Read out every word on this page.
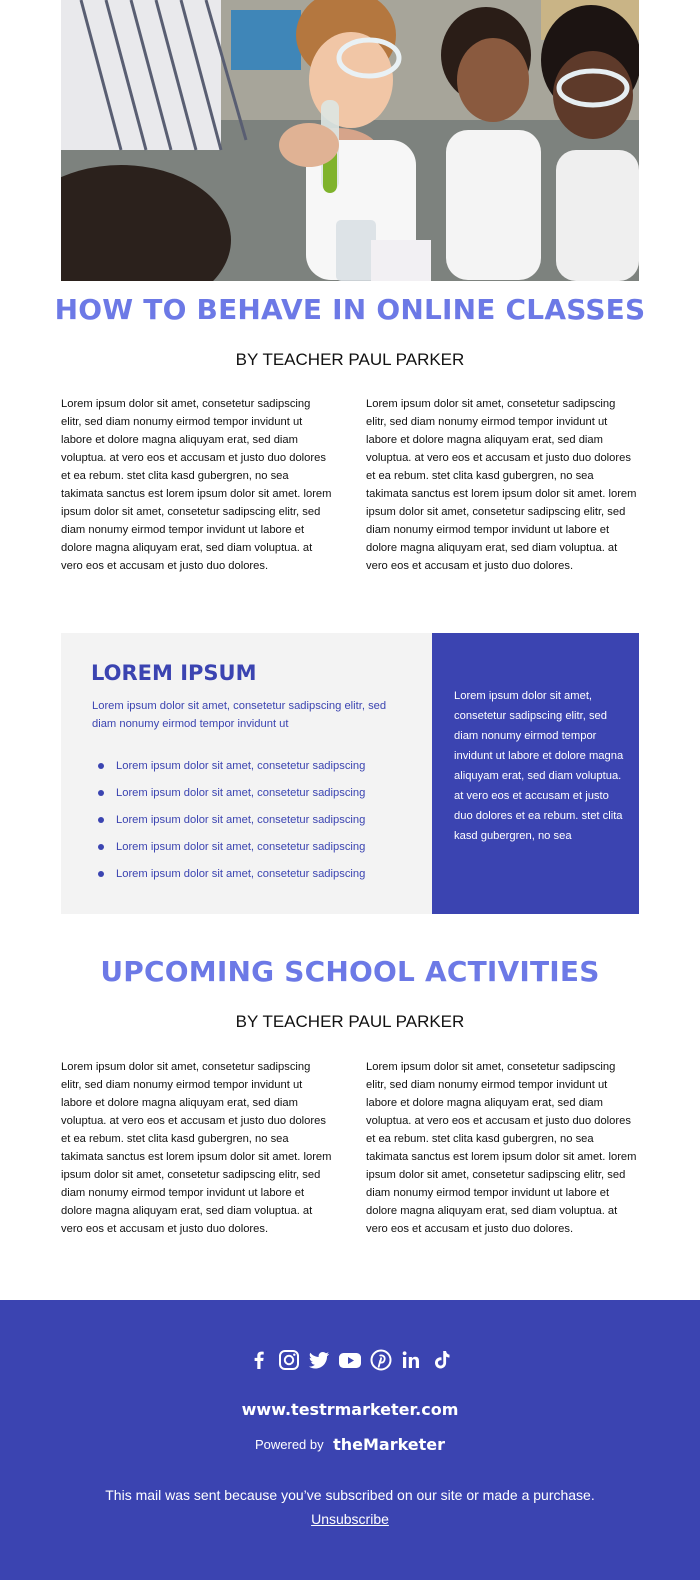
HOW TO BEHAVE IN ONLINE CLASSES

BY TEACHER PAUL PARKER

Lorem ipsum dolor sit amet, consetetur sadipscing elitr, sed diam nonumy eirmod tempor invidunt ut labore et dolore magna aliquyam erat, sed diam voluptua. at vero eos et accusam et justo duo dolores et ea rebum. stet clita kasd gubergren, no sea takimata sanctus est lorem ipsum dolor sit amet. lorem ipsum dolor sit amet, consetetur sadipscing elitr, sed diam nonumy eirmod tempor invidunt ut labore et dolore magna aliquyam erat, sed diam voluptua. at vero eos et accusam et justo duo dolores.

Lorem ipsum dolor sit amet, consetetur sadipscing elitr, sed diam nonumy eirmod tempor invidunt ut labore et dolore magna aliquyam erat, sed diam voluptua. at vero eos et accusam et justo duo dolores et ea rebum. stet clita kasd gubergren, no sea takimata sanctus est lorem ipsum dolor sit amet. lorem ipsum dolor sit amet, consetetur sadipscing elitr, sed diam nonumy eirmod tempor invidunt ut labore et dolore magna aliquyam erat, sed diam voluptua. at vero eos et accusam et justo duo dolores.

LOREM IPSUM

Lorem ipsum dolor sit amet, consetetur sadipscing elitr, sed diam nonumy eirmod tempor invidunt ut

Lorem ipsum dolor sit amet, consetetur sadipscing
Lorem ipsum dolor sit amet, consetetur sadipscing
Lorem ipsum dolor sit amet, consetetur sadipscing
Lorem ipsum dolor sit amet, consetetur sadipscing
Lorem ipsum dolor sit amet, consetetur sadipscing

Lorem ipsum dolor sit amet, consetetur sadipscing elitr, sed diam nonumy eirmod tempor invidunt ut labore et dolore magna aliquyam erat, sed diam voluptua. at vero eos et accusam et justo duo dolores et ea rebum. stet clita kasd gubergren, no sea

UPCOMING SCHOOL ACTIVITIES

BY TEACHER PAUL PARKER

Lorem ipsum dolor sit amet, consetetur sadipscing elitr, sed diam nonumy eirmod tempor invidunt ut labore et dolore magna aliquyam erat, sed diam voluptua. at vero eos et accusam et justo duo dolores et ea rebum. stet clita kasd gubergren, no sea takimata sanctus est lorem ipsum dolor sit amet. lorem ipsum dolor sit amet, consetetur sadipscing elitr, sed diam nonumy eirmod tempor invidunt ut labore et dolore magna aliquyam erat, sed diam voluptua. at vero eos et accusam et justo duo dolores.

Lorem ipsum dolor sit amet, consetetur sadipscing elitr, sed diam nonumy eirmod tempor invidunt ut labore et dolore magna aliquyam erat, sed diam voluptua. at vero eos et accusam et justo duo dolores et ea rebum. stet clita kasd gubergren, no sea takimata sanctus est lorem ipsum dolor sit amet. lorem ipsum dolor sit amet, consetetur sadipscing elitr, sed diam nonumy eirmod tempor invidunt ut labore et dolore magna aliquyam erat, sed diam voluptua. at vero eos et accusam et justo duo dolores.

www.testrmarketer.com

Powered by theMarketer

This mail was sent because you’ve subscribed on our site or made a purchase.

Unsubscribe
